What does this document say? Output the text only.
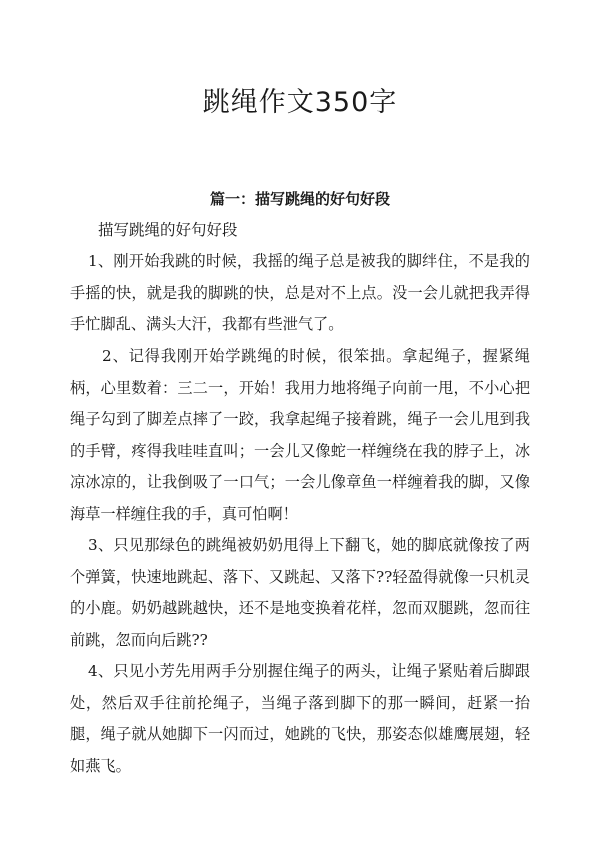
跳绳作文350字
篇一：描写跳绳的好句好段

描写跳绳的好句好段

1、刚开始我跳的时候，我摇的绳子总是被我的脚绊住，不是我的手摇的快，就是我的脚跳的快，总是对不上点。没一会儿就把我弄得手忙脚乱、满头大汗，我都有些泄气了。

2、记得我刚开始学跳绳的时候，很笨拙。拿起绳子，握紧绳柄，心里数着：三二一，开始！我用力地将绳子向前一甩，不小心把绳子勾到了脚差点摔了一跤，我拿起绳子接着跳，绳子一会儿甩到我的手臂，疼得我哇哇直叫；一会儿又像蛇一样缠绕在我的脖子上，冰凉冰凉的，让我倒吸了一口气；一会儿像章鱼一样缠着我的脚，又像海草一样缠住我的手，真可怕啊！

3、只见那绿色的跳绳被奶奶甩得上下翻飞，她的脚底就像按了两个弹簧，快速地跳起、落下、又跳起、又落下??轻盈得就像一只机灵的小鹿。奶奶越跳越快，还不是地变换着花样，忽而双腿跳，忽而往前跳，忽而向后跳??

4、只见小芳先用两手分别握住绳子的两头，让绳子紧贴着后脚跟处，然后双手往前抡绳子，当绳子落到脚下的那一瞬间，赶紧一抬腿，绳子就从她脚下一闪而过，她跳的飞快，那姿态似雄鹰展翅，轻如燕飞。
